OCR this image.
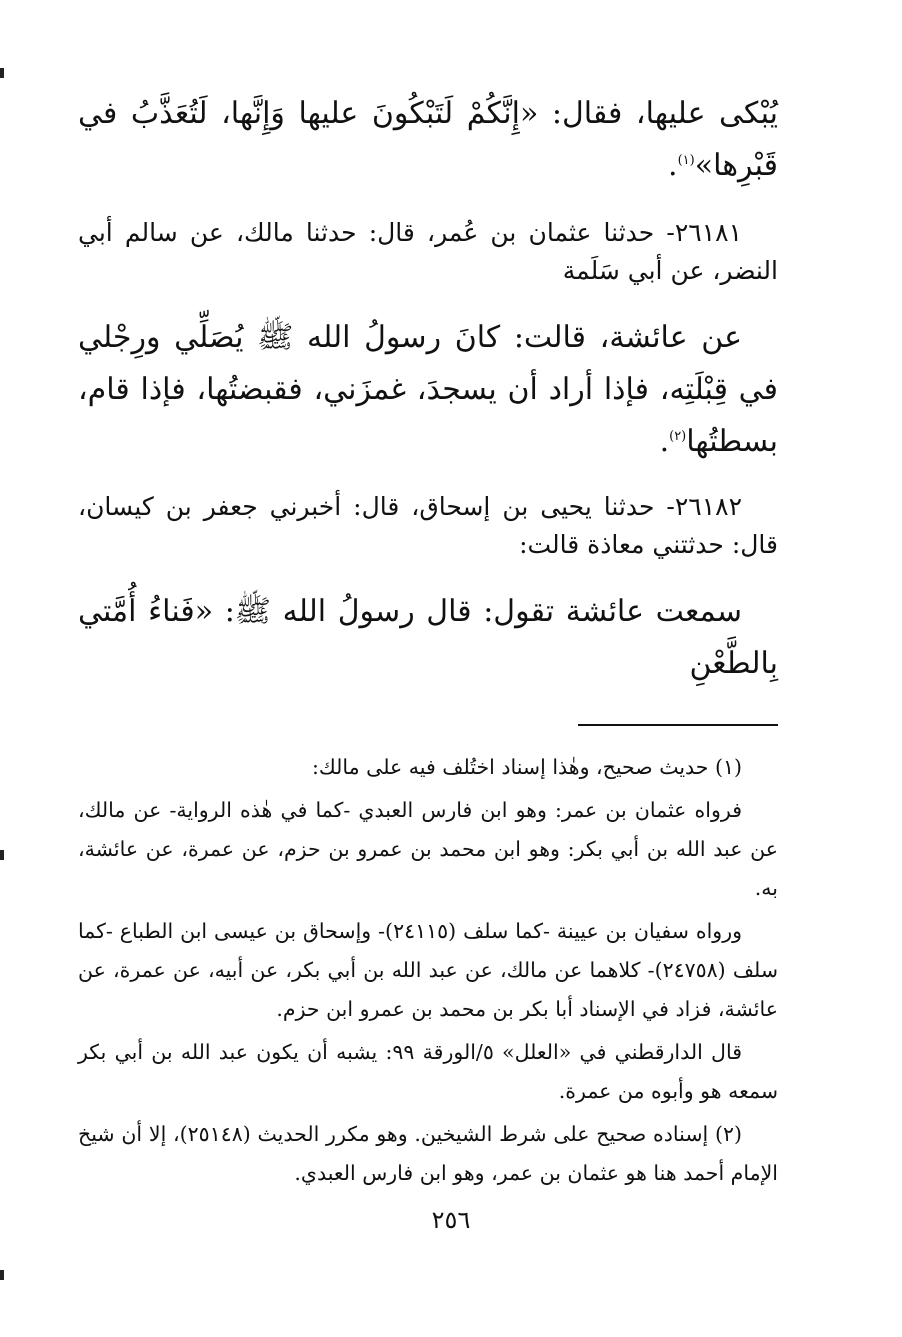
يُبْكى عليها، فقال: «إِنَّكُمْ لَتَبْكُونَ عليها وَإِنَّها، لَتُعَذَّبُ في قَبْرِها»$^{(١)}$.

٢٦١٨١- حدثنا عثمان بن عُمر، قال: حدثنا مالك، عن سالم أبي النضر، عن أبي سَلَمة

عن عائشة، قالت: كانَ رسولُ الله ﷺ يُصَلِّي ورِجْلي في قِبْلَتِه، فإذا أراد أن يسجدَ، غمزَني، فقبضتُها، فإذا قام، بسطتُها$^{(٢)}$.

٢٦١٨٢- حدثنا يحيى بن إسحاق، قال: أخبرني جعفر بن كيسان، قال: حدثتني معاذة قالت:

سمعت عائشة تقول: قال رسولُ الله ﷺ: «فَناءُ أُمَّتي بِالطَّعْنِ

(١) حديث صحيح، وهٰذا إسناد اختُلف فيه على مالك:

فرواه عثمان بن عمر: وهو ابن فارس العبدي -كما في هٰذه الرواية- عن مالك، عن عبد الله بن أبي بكر: وهو ابن محمد بن عمرو بن حزم، عن عمرة، عن عائشة، به.

ورواه سفيان بن عيينة -كما سلف (٢٤١١٥)- وإسحاق بن عيسى ابن الطباع -كما سلف (٢٤٧٥٨)- كلاهما عن مالك، عن عبد الله بن أبي بكر، عن أبيه، عن عمرة، عن عائشة، فزاد في الإسناد أبا بكر بن محمد بن عمرو ابن حزم.

قال الدارقطني في «العلل» ٥/الورقة ٩٩: يشبه أن يكون عبد الله بن أبي بكر سمعه هو وأبوه من عمرة.

(٢) إسناده صحيح على شرط الشيخين. وهو مكرر الحديث (٢٥١٤٨)، إلا أن شيخ الإمام أحمد هنا هو عثمان بن عمر، وهو ابن فارس العبدي.

٢٥٦
